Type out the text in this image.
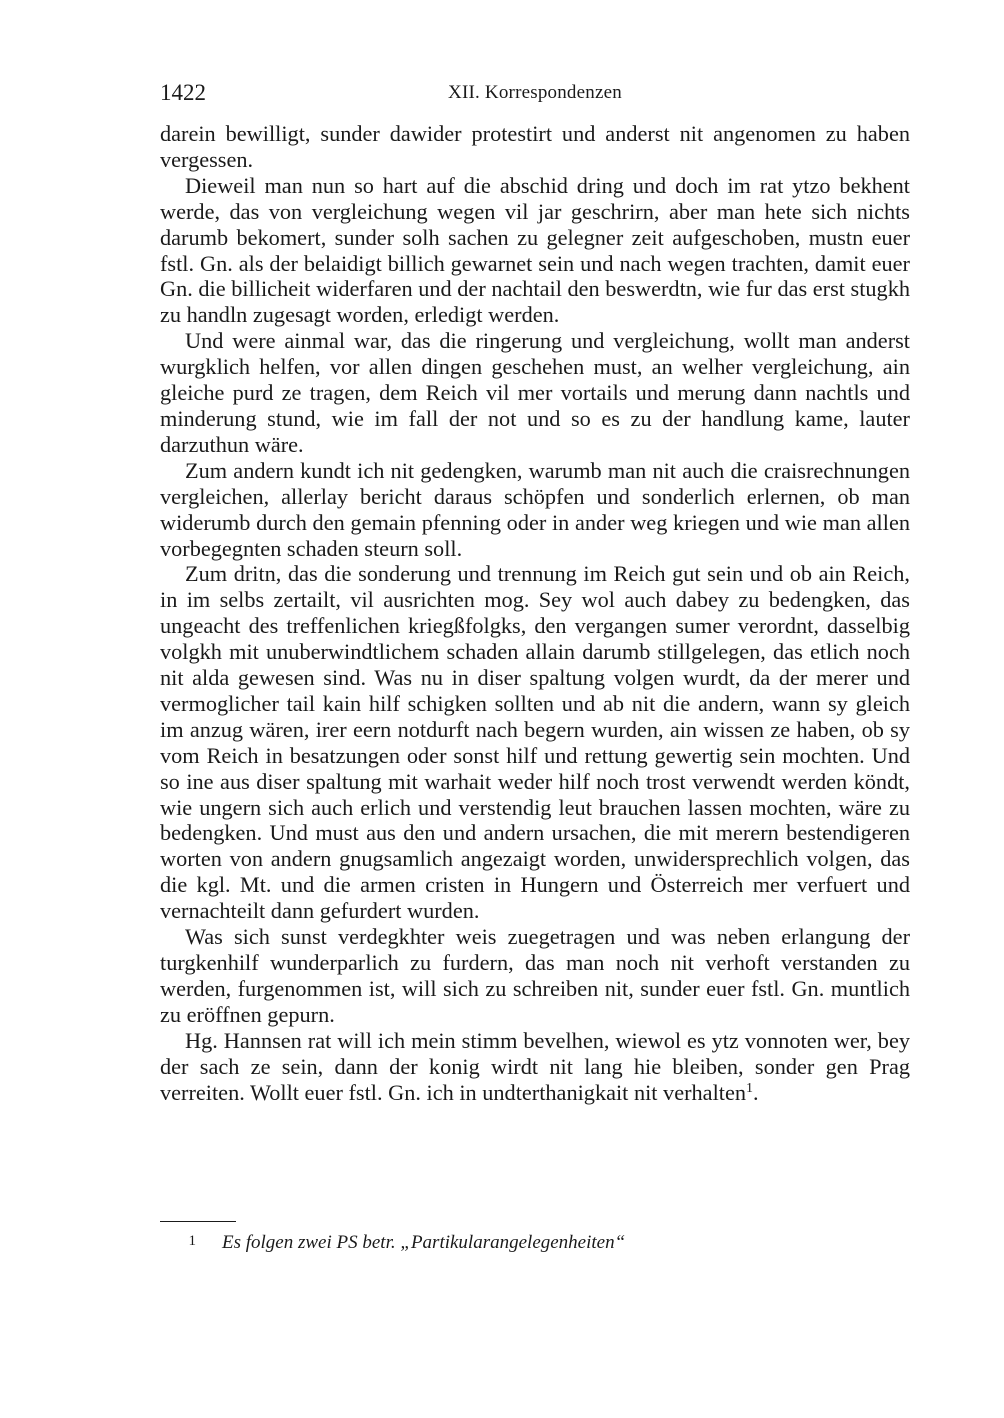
1422	XII. Korrespondenzen

darein bewilligt, sunder dawider protestirt und anderst nit angenomen zu haben vergessen.

Dieweil man nun so hart auf die abschid dring und doch im rat ytzo bekhent werde, das von vergleichung wegen vil jar geschrirn, aber man hete sich nichts darumb bekomert, sunder solh sachen zu gelegner zeit aufgeschoben, mustn euer fstl. Gn. als der belaidigt billich gewarnet sein und nach wegen trachten, damit euer Gn. die billicheit widerfaren und der nachtail den beswerdtn, wie fur das erst stugkh zu handln zugesagt worden, erledigt werden.

Und were ainmal war, das die ringerung und vergleichung, wollt man anderst wurgklich helfen, vor allen dingen geschehen must, an welher vergleichung, ain gleiche purd ze tragen, dem Reich vil mer vortails und merung dann nachtls und minderung stund, wie im fall der not und so es zu der handlung kame, lauter darzuthun wäre.

Zum andern kundt ich nit gedengken, warumb man nit auch die craisrechnungen vergleichen, allerlay bericht daraus schöpfen und sonderlich erlernen, ob man widerumb durch den gemain pfenning oder in ander weg kriegen und wie man allen vorbegegnten schaden steurn soll.

Zum dritn, das die sonderung und trennung im Reich gut sein und ob ain Reich, in im selbs zertailt, vil ausrichten mog. Sey wol auch dabey zu bedengken, das ungeacht des treffenlichen kriegßfolgks, den vergangen sumer verordnt, dasselbig volgkh mit unuberwindtlichem schaden allain darumb stillgelegen, das etlich noch nit alda gewesen sind. Was nu in diser spaltung volgen wurdt, da der merer und vermoglicher tail kain hilf schigken sollten und ab nit die andern, wann sy gleich im anzug wären, irer eern notdurft nach begern wurden, ain wissen ze haben, ob sy vom Reich in besatzungen oder sonst hilf und rettung gewertig sein mochten. Und so ine aus diser spaltung mit warhait weder hilf noch trost verwendt werden köndt, wie ungern sich auch erlich und verstendig leut brauchen lassen mochten, wäre zu bedengken. Und must aus den und andern ursachen, die mit merern bestendigeren worten von andern gnugsamlich angezaigt worden, unwidersprechlich volgen, das die kgl. Mt. und die armen cristen in Hungern und Österreich mer verfuert und vernachteilt dann gefurdert wurden.

Was sich sunst verdegkhter weis zuegetragen und was neben erlangung der turgkenhilf wunderparlich zu furdern, das man noch nit verhoft verstanden zu werden, furgenommen ist, will sich zu schreiben nit, sunder euer fstl. Gn. muntlich zu eröffnen gepurn.

Hg. Hannsen rat will ich mein stimm bevelhen, wiewol es ytz vonnoten wer, bey der sach ze sein, dann der konig wirdt nit lang hie bleiben, sonder gen Prag verreiten. Wollt euer fstl. Gn. ich in undterthanigkait nit verhalten$^1$.

1 Es folgen zwei PS betr. „Partikularangelegenheiten“
